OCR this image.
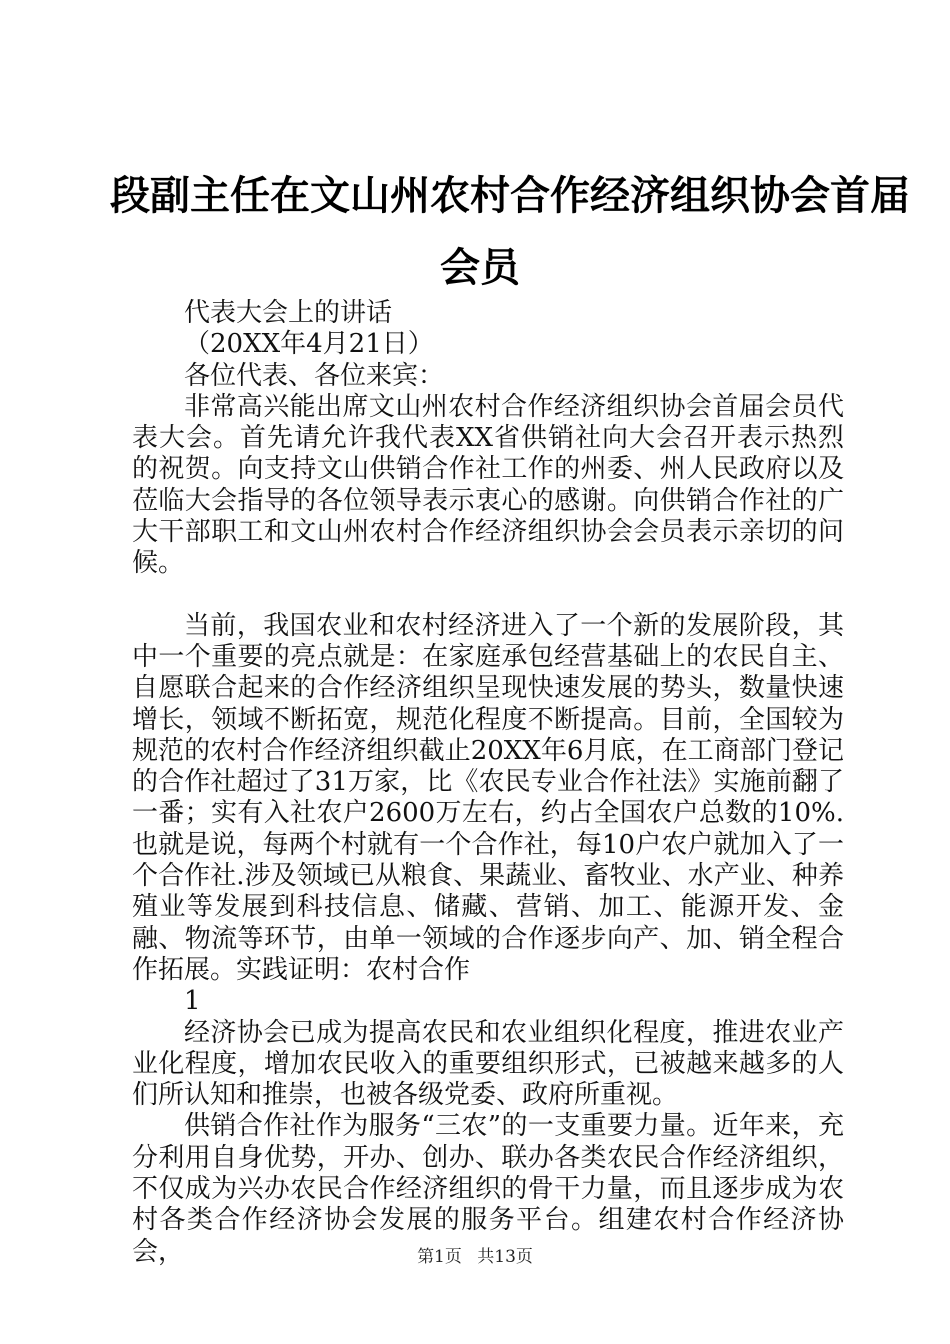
段副主任在文山州农村合作经济组织协会首届
会员

代表大会上的讲话

（20XX年4月21日）

各位代表、各位来宾：

非常高兴能出席文山州农村合作经济组织协会首届会员代表大会。首先请允许我代表XX省供销社向大会召开表示热烈的祝贺。向支持文山供销合作社工作的州委、州人民政府以及莅临大会指导的各位领导表示衷心的感谢。向供销合作社的广大干部职工和文山州农村合作经济组织协会会员表示亲切的问候。

当前，我国农业和农村经济进入了一个新的发展阶段，其中一个重要的亮点就是：在家庭承包经营基础上的农民自主、自愿联合起来的合作经济组织呈现快速发展的势头，数量快速增长，领域不断拓宽，规范化程度不断提高。目前，全国较为规范的农村合作经济组织截止20XX年6月底，在工商部门登记的合作社超过了31万家，比《农民专业合作社法》实施前翻了一番；实有入社农户2600万左右，约占全国农户总数的10%.也就是说，每两个村就有一个合作社，每10户农户就加入了一个合作社.涉及领域已从粮食、果蔬业、畜牧业、水产业、种养殖业等发展到科技信息、储藏、营销、加工、能源开发、金融、物流等环节，由单一领域的合作逐步向产、加、销全程合作拓展。实践证明：农村合作

1

经济协会已成为提高农民和农业组织化程度，推进农业产业化程度，增加农民收入的重要组织形式，已被越来越多的人们所认知和推崇，也被各级党委、政府所重视。

供销合作社作为服务“三农”的一支重要力量。近年来，充分利用自身优势，开办、创办、联办各类农民合作经济组织，不仅成为兴办农民合作经济组织的骨干力量，而且逐步成为农村各类合作经济协会发展的服务平台。组建农村合作经济协会，	第1页 共13页
